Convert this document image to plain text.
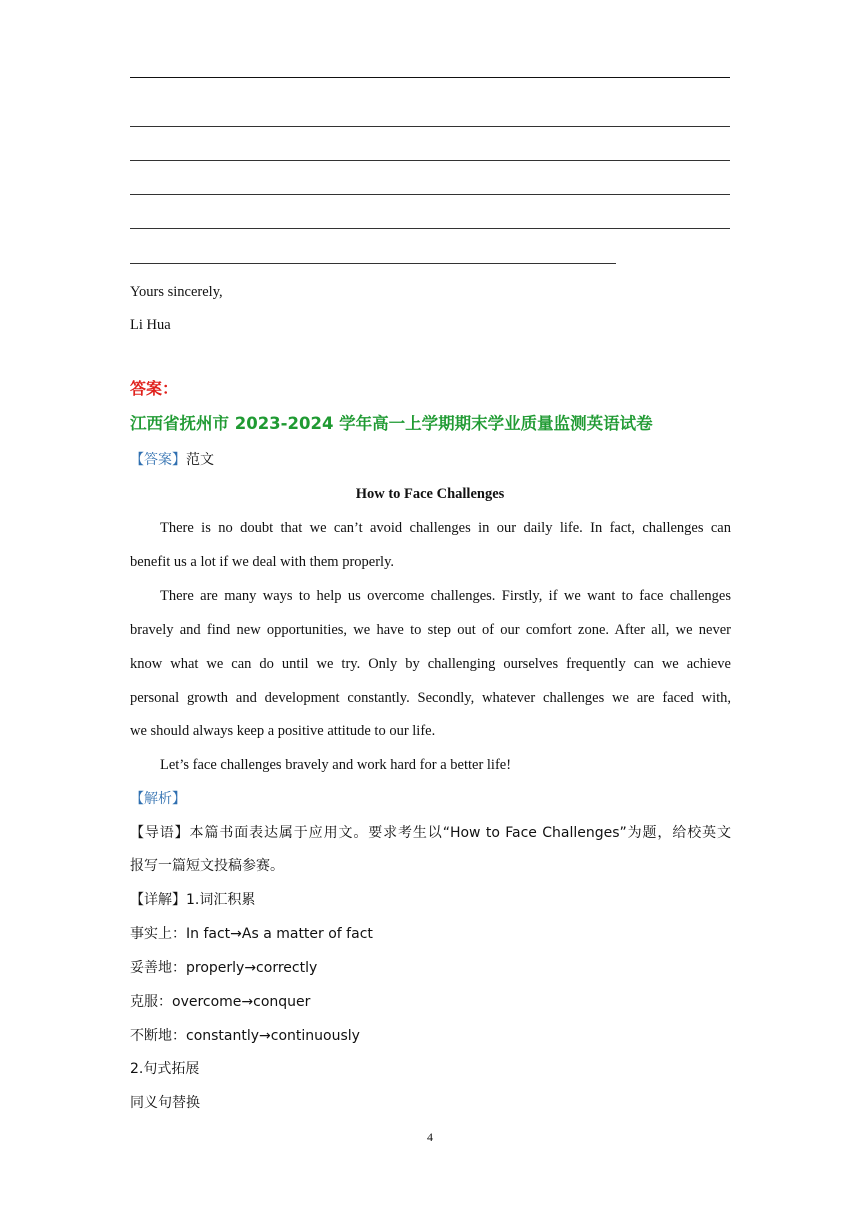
Yours sincerely,
Li Hua
答案：
江西省抚州市 2023-2024 学年高一上学期期末学业质量监测英语试卷
【答案】范文
How to Face Challenges
There is no doubt that we can’t avoid challenges in our daily life. In fact, challenges can
benefit us a lot if we deal with them properly.
There are many ways to help us overcome challenges. Firstly, if we want to face challenges
bravely and find new opportunities, we have to step out of our comfort zone. After all, we never
know what we can do until we try. Only by challenging ourselves frequently can we achieve
personal growth and development constantly. Secondly, whatever challenges we are faced with,
we should always keep a positive attitude to our life.
Let’s face challenges bravely and work hard for a better life!
【解析】
【导语】本篇书面表达属于应用文。要求考生以“How to Face Challenges”为题，给校英文
报写一篇短文投稿参赛。
【详解】1.词汇积累
事实上：In fact→As a matter of fact
妥善地：properly→correctly
克服：overcome→conquer
不断地：constantly→continuously
2.句式拓展
同义句替换
4
